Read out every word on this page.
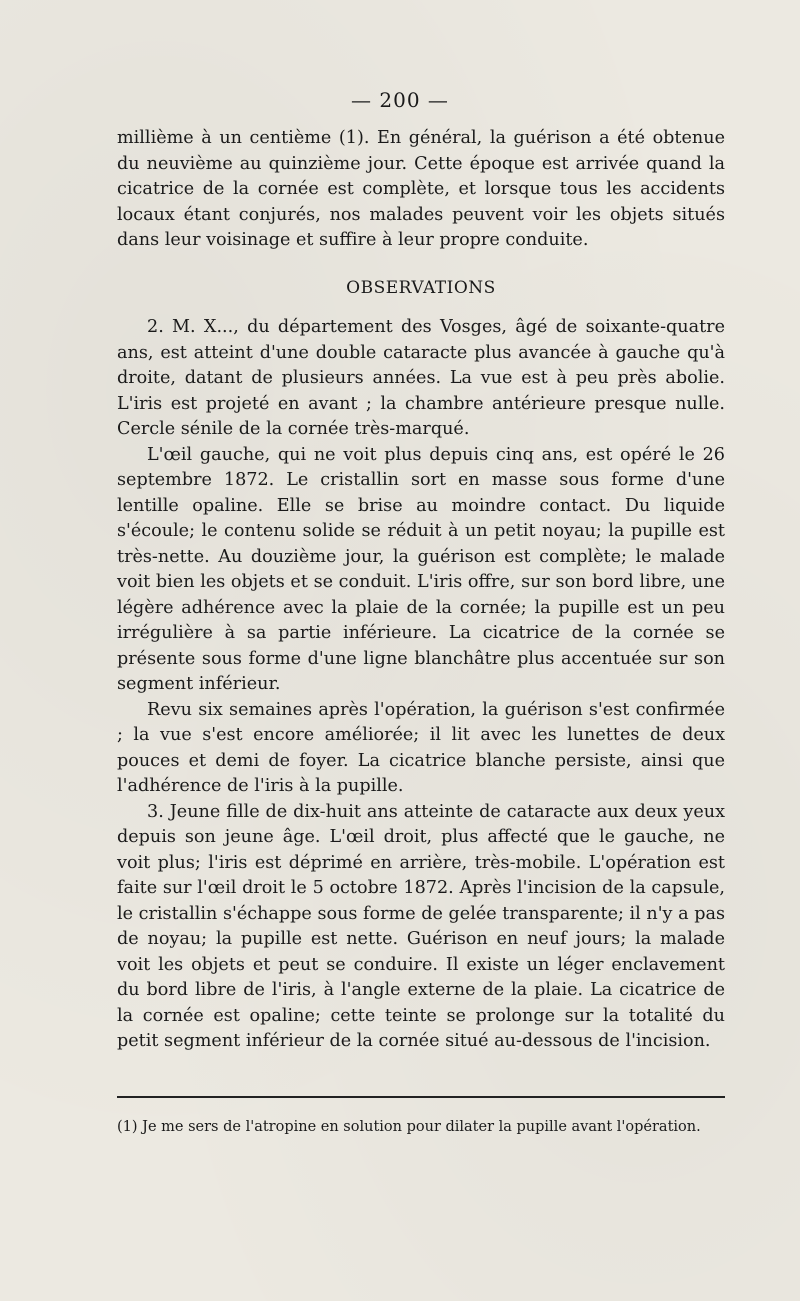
— 200 —

millième à un centième (1). En général, la guérison a été obtenue du neuvième au quinzième jour. Cette époque est arrivée quand la cicatrice de la cornée est complète, et lorsque tous les accidents locaux étant conjurés, nos malades peuvent voir les objets situés dans leur voisinage et suffire à leur propre conduite.

OBSERVATIONS

2. M. X..., du département des Vosges, âgé de soixante-quatre ans, est atteint d'une double cataracte plus avancée à gauche qu'à droite, datant de plusieurs années. La vue est à peu près abolie. L'iris est projeté en avant ; la chambre antérieure presque nulle. Cercle sénile de la cornée très-marqué.

L'œil gauche, qui ne voit plus depuis cinq ans, est opéré le 26 septembre 1872. Le cristallin sort en masse sous forme d'une lentille opaline. Elle se brise au moindre contact. Du liquide s'écoule; le contenu solide se réduit à un petit noyau; la pupille est très-nette. Au douzième jour, la guérison est complète; le malade voit bien les objets et se conduit. L'iris offre, sur son bord libre, une légère adhérence avec la plaie de la cornée; la pupille est un peu irrégulière à sa partie inférieure. La cicatrice de la cornée se présente sous forme d'une ligne blanchâtre plus accentuée sur son segment inférieur.

Revu six semaines après l'opération, la guérison s'est confirmée ; la vue s'est encore améliorée; il lit avec les lunettes de deux pouces et demi de foyer. La cicatrice blanche persiste, ainsi que l'adhérence de l'iris à la pupille.

3. Jeune fille de dix-huit ans atteinte de cataracte aux deux yeux depuis son jeune âge. L'œil droit, plus affecté que le gauche, ne voit plus; l'iris est déprimé en arrière, très-mobile. L'opération est faite sur l'œil droit le 5 octobre 1872. Après l'incision de la capsule, le cristallin s'échappe sous forme de gelée transparente; il n'y a pas de noyau; la pupille est nette. Guérison en neuf jours; la malade voit les objets et peut se conduire. Il existe un léger enclavement du bord libre de l'iris, à l'angle externe de la plaie. La cicatrice de la cornée est opaline; cette teinte se prolonge sur la totalité du petit segment inférieur de la cornée situé au-dessous de l'incision.

(1) Je me sers de l'atropine en solution pour dilater la pupille avant l'opération.
